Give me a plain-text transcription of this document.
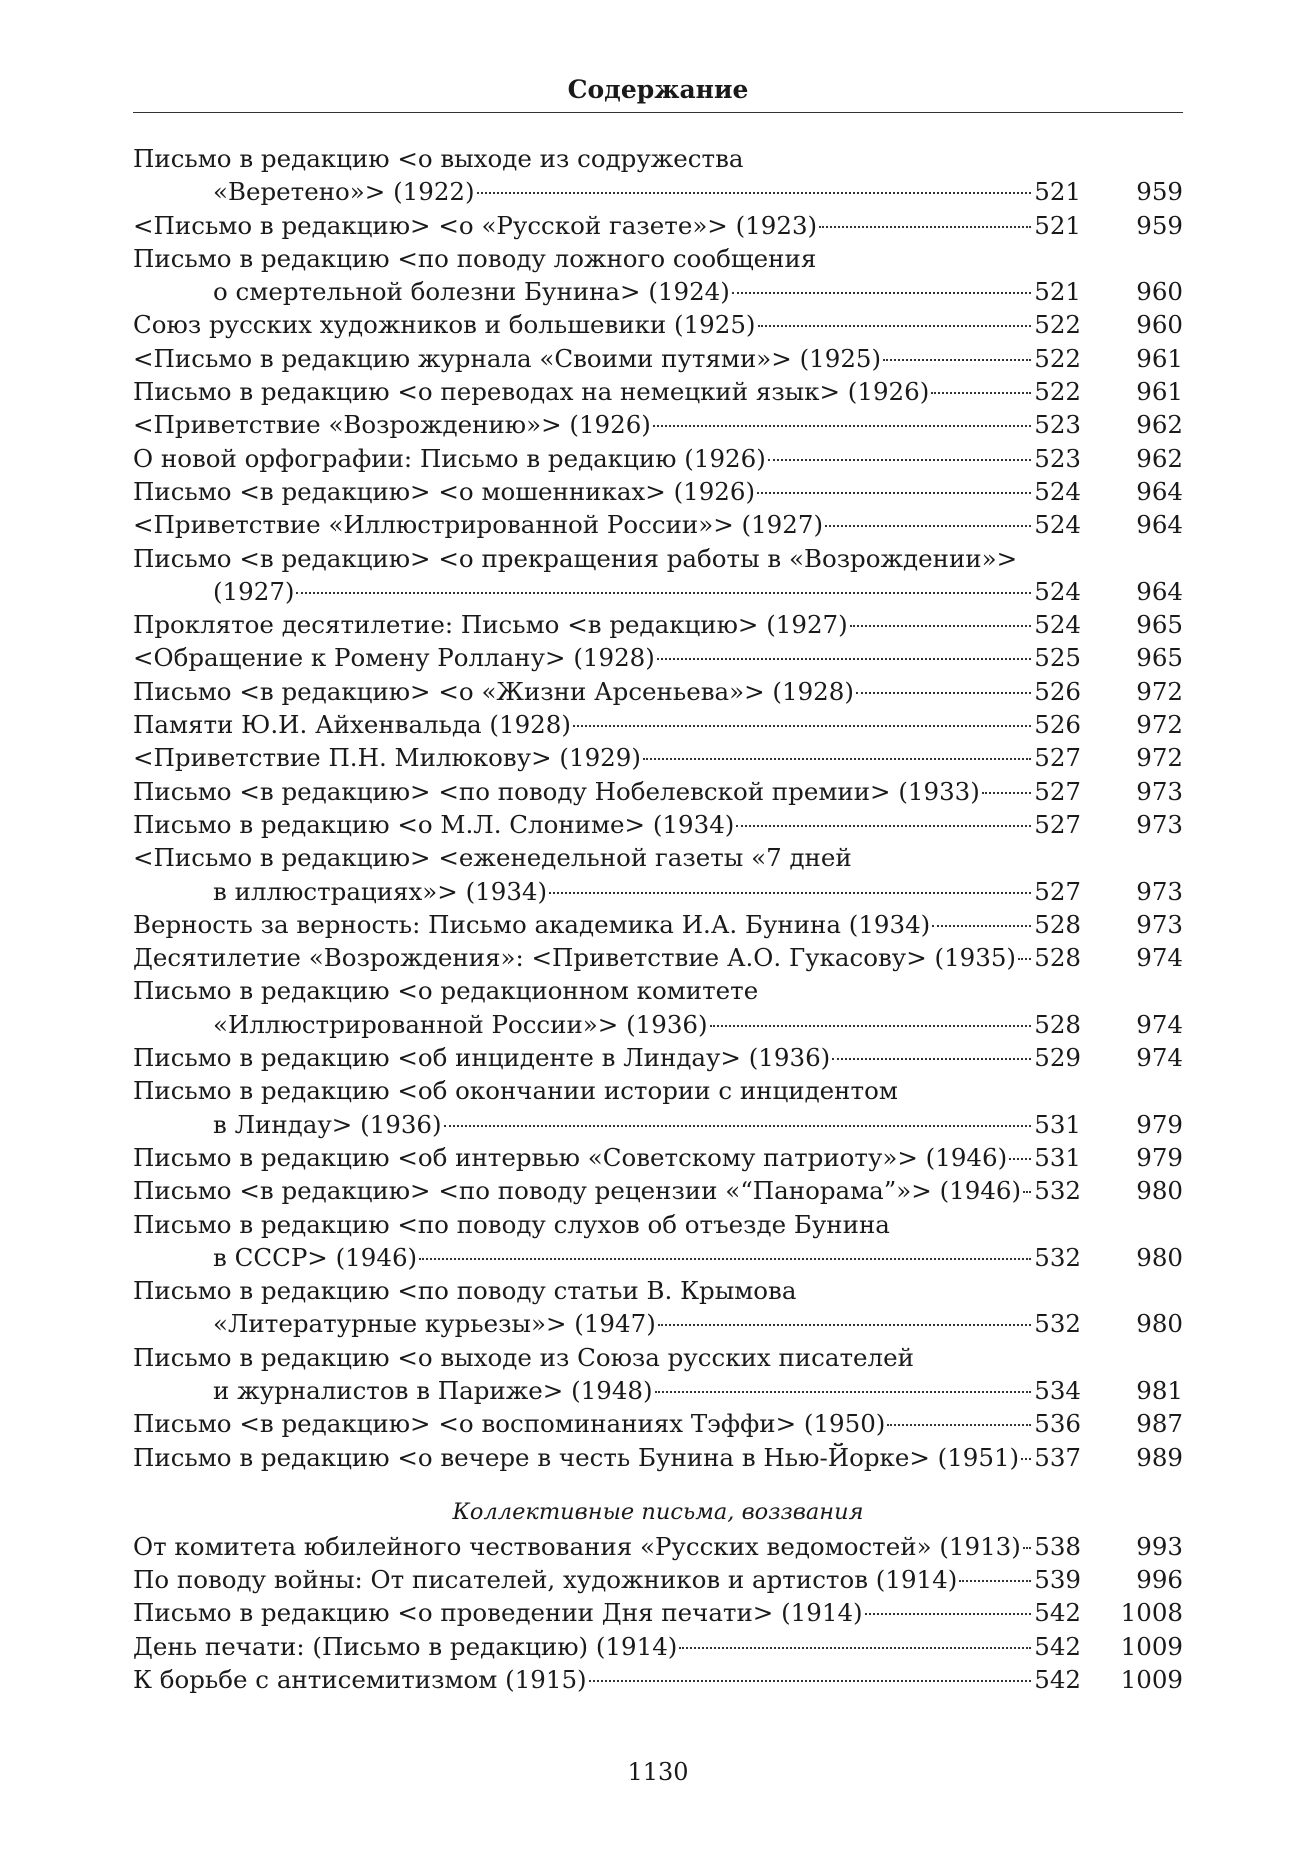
Содержание
Письмо в редакцию <о выходе из содружества
«Веретено»> (1922)	521	959
<Письмо в редакцию> <о «Русской газете»> (1923)	521	959
Письмо в редакцию <по поводу ложного сообщения
о смертельной болезни Бунина> (1924)	521	960
Союз русских художников и большевики (1925)	522	960
<Письмо в редакцию журнала «Своими путями»> (1925)	522	961
Письмо в редакцию <о переводах на немецкий язык> (1926)	522	961
<Приветствие «Возрождению»> (1926)	523	962
О новой орфографии: Письмо в редакцию (1926)	523	962
Письмо <в редакцию> <о мошенниках> (1926)	524	964
<Приветствие «Иллюстрированной России»> (1927)	524	964
Письмо <в редакцию> <о прекращения работы в «Возрождении»>
(1927)	524	964
Проклятое десятилетие: Письмо <в редакцию> (1927)	524	965
<Обращение к Ромену Роллану> (1928)	525	965
Письмо <в редакцию> <о «Жизни Арсеньева»> (1928)	526	972
Памяти Ю.И. Айхенвальда (1928)	526	972
<Приветствие П.Н. Милюкову> (1929)	527	972
Письмо <в редакцию> <по поводу Нобелевской премии> (1933) 527	973
Письмо в редакцию <о М.Л. Слониме> (1934)	527	973
<Письмо в редакцию> <еженедельной газеты «7 дней
в иллюстрациях»> (1934)	527	973
Верность за верность: Письмо академика И.А. Бунина (1934)	528	973
Десятилетие «Возрождения»: <Приветствие А.О. Гукасову> (1935) 528	974
Письмо в редакцию <о редакционном комитете
«Иллюстрированной России»> (1936)	528	974
Письмо в редакцию <об инциденте в Линдау> (1936)	529	974
Письмо в редакцию <об окончании истории с инцидентом
в Линдау> (1936)	531	979
Письмо в редакцию <об интервью «Советскому патриоту»> (1946) 531	979
Письмо <в редакцию> <по поводу рецензии «“Панорама”»> (1946) 532	980
Письмо в редакцию <по поводу слухов об отъезде Бунина
в СССР> (1946)	532	980
Письмо в редакцию <по поводу статьи В. Крымова
«Литературные курьезы»> (1947)	532	980
Письмо в редакцию <о выходе из Союза русских писателей
и журналистов в Париже> (1948)	534	981
Письмо <в редакцию> <о воспоминаниях Тэффи> (1950)	536	987
Письмо в редакцию <о вечере в честь Бунина в Нью-Йорке> (1951) 537	989
Коллективные письма, воззвания
От комитета юбилейного чествования «Русских ведомостей» (1913) 538	993
По поводу войны: От писателей, художников и артистов (1914)	539	996
Письмо в редакцию <о проведении Дня печати> (1914)	542	1008
День печати: (Письмо в редакцию) (1914)	542	1009
К борьбе с антисемитизмом (1915)	542	1009
1130
